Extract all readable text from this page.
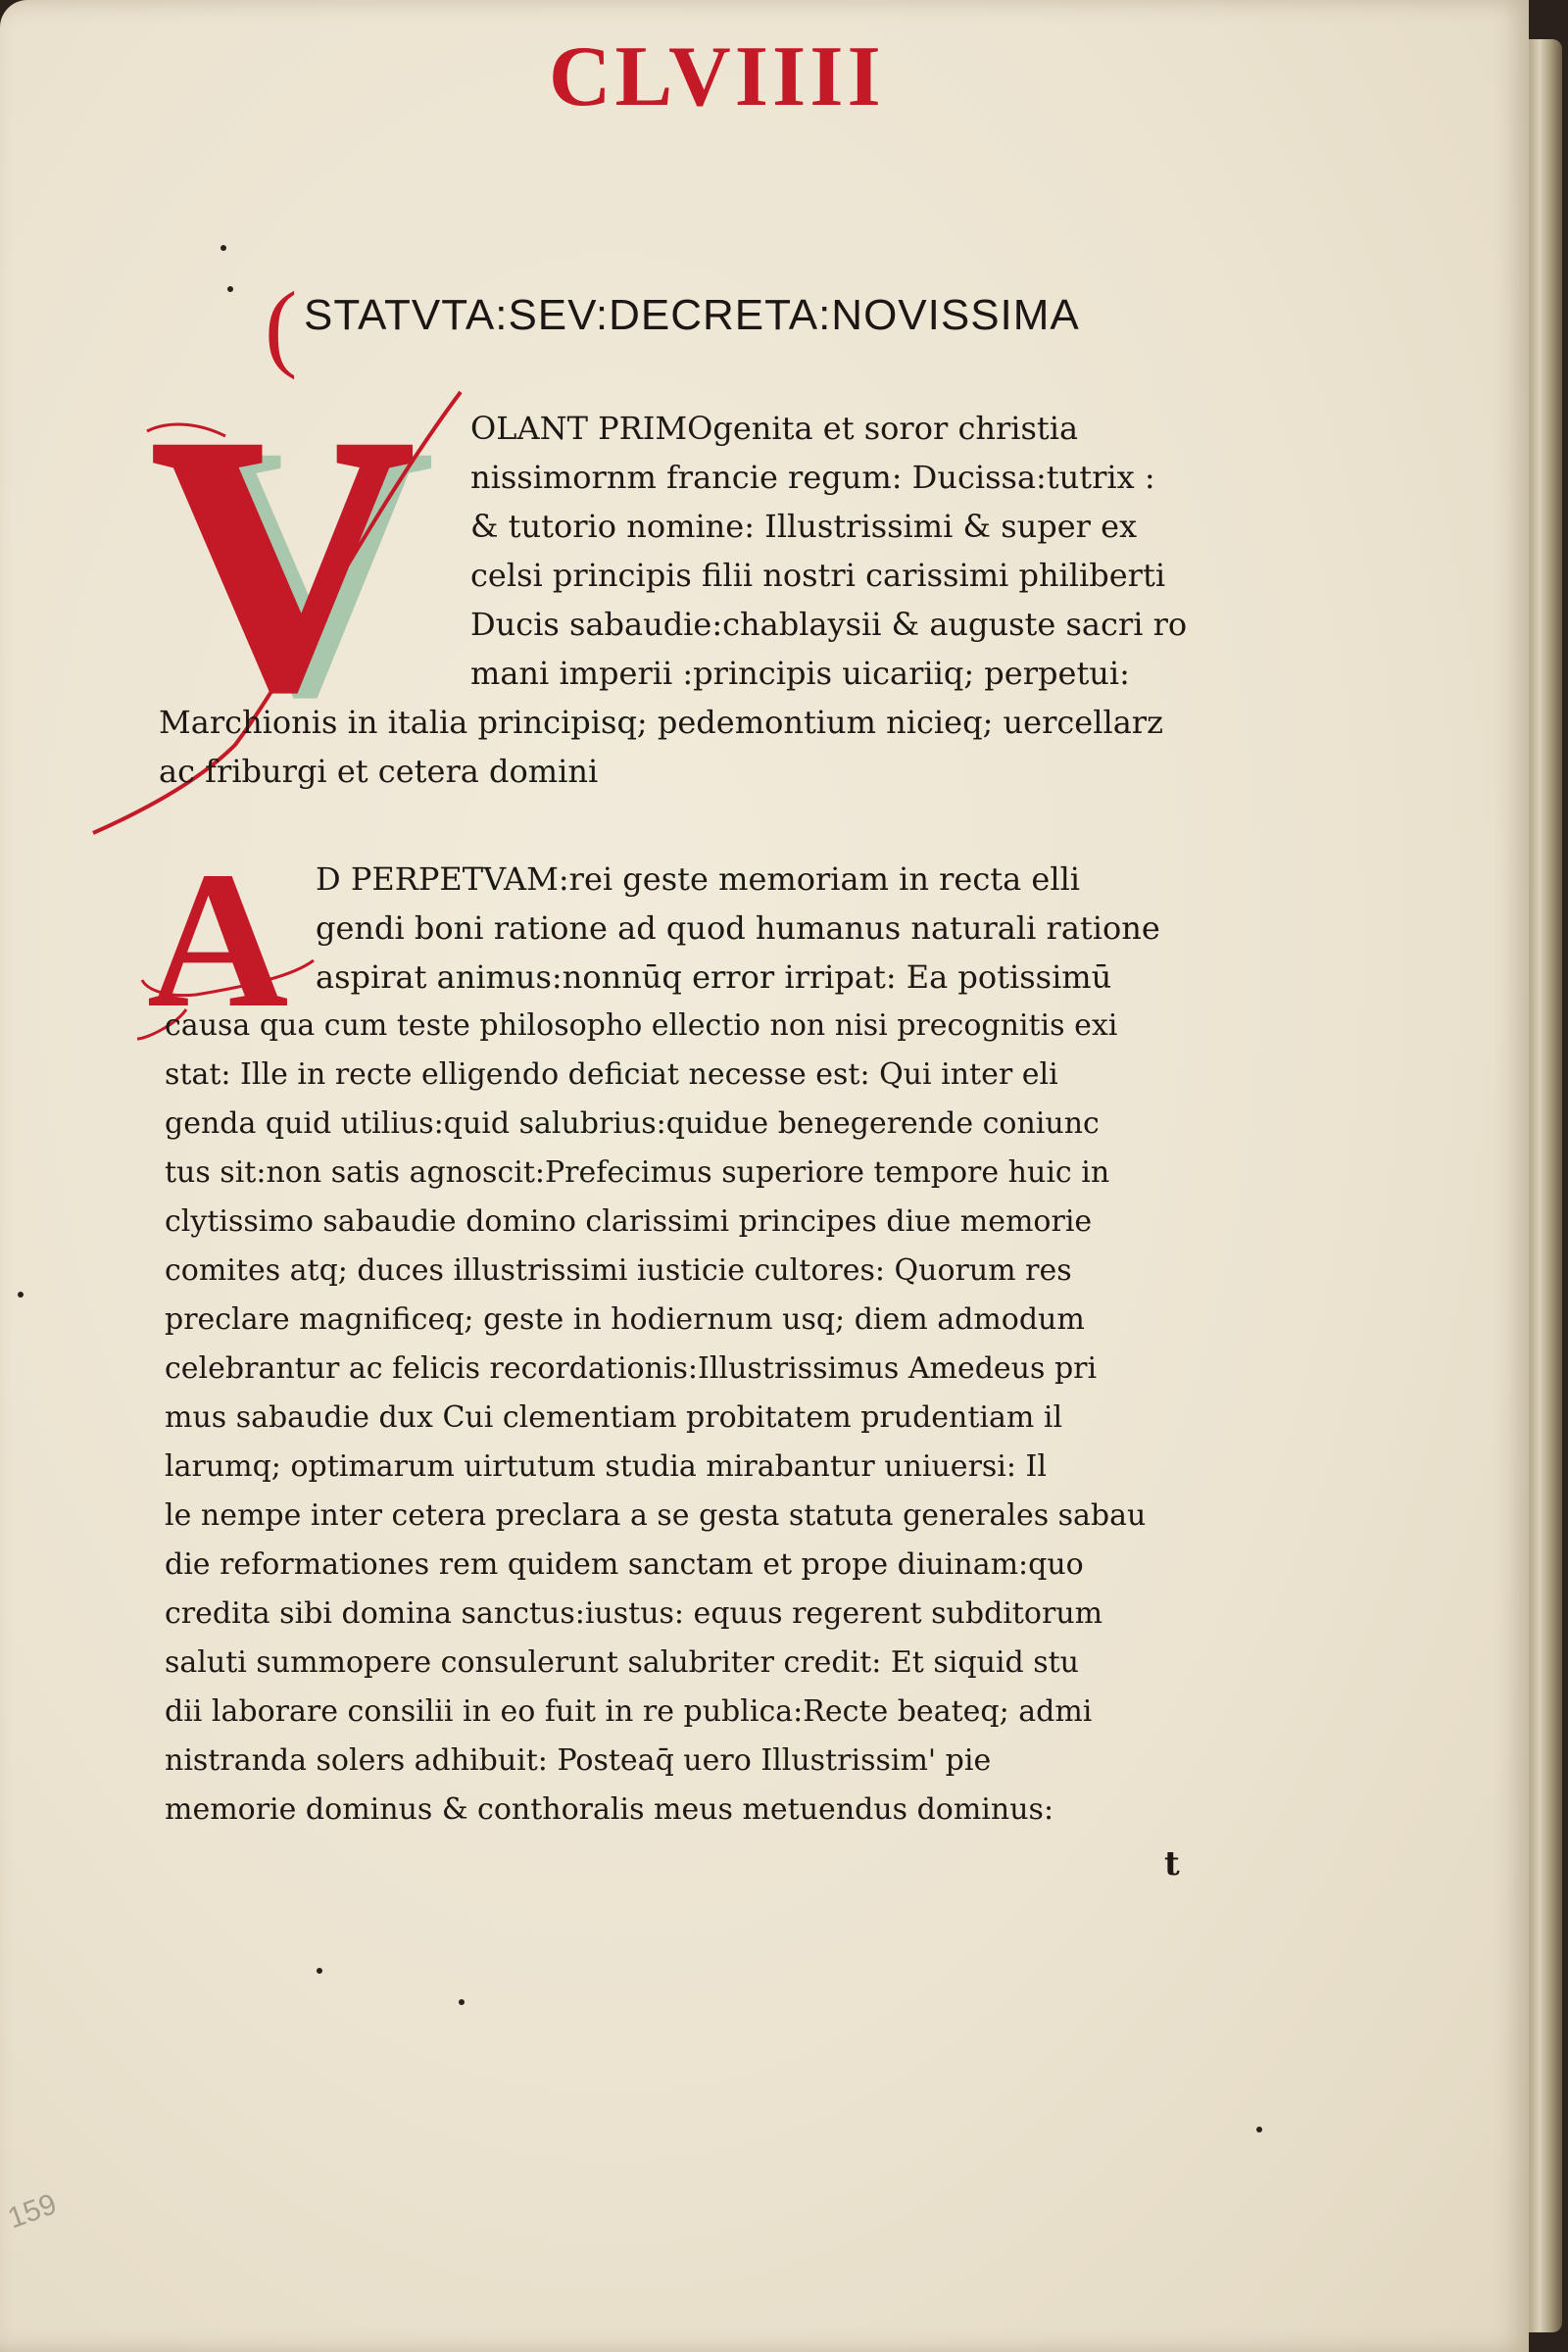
CLVIIII
( STATVTA:SEV:DECRETA:NOVISSIMA
V OLANT PRIMOgenita et soror christia
nissimornm francie regum: Ducissa:tutrix :
& tutorio nomine: Illustrissimi & super ex
celsi principis filii nostri carissimi philiberti
Ducis sabaudie:chablaysii & auguste sacri ro
mani imperii :principis uicariiq; perpetui:
Marchionis in italia principisq; pedemontium nicieq; uercellarz
ac friburgi et cetera domini
A D PERPETVAM:rei geste memoriam in recta elli
gendi boni ratione ad quod humanus naturali ratione
aspirat animus:nonnūq error irripat: Ea potissimū
causa qua cum teste philosopho ellectio non nisi precognitis exi
stat: Ille in recte elligendo deficiat necesse est: Qui inter eli
genda quid utilius:quid salubrius:quidue benegerende coniunc
tus sit:non satis agnoscit:Prefecimus superiore tempore huic in
clytissimo sabaudie domino clarissimi principes diue memorie
comites atq; duces illustrissimi iusticie cultores: Quorum res
preclare magnificeq; geste in hodiernum usq; diem admodum
celebrantur ac felicis recordationis:Illustrissimus Amedeus pri
mus sabaudie dux Cui clementiam probitatem prudentiam il
larumq; optimarum uirtutum studia mirabantur uniuersi: Il
le nempe inter cetera preclara a se gesta statuta generales sabau
die reformationes rem quidem sanctam et prope diuinam:quo
credita sibi domina sanctus:iustus: equus regerent subditorum
saluti summopere consulerunt salubriter credit: Et siquid stu
dii laborare consilii in eo fuit in re publica:Recte beateq; admi
nistranda solers adhibuit: Posteaq̄ uero Illustrissim' pie
memorie dominus & conthoralis meus metuendus dominus:
t
159
